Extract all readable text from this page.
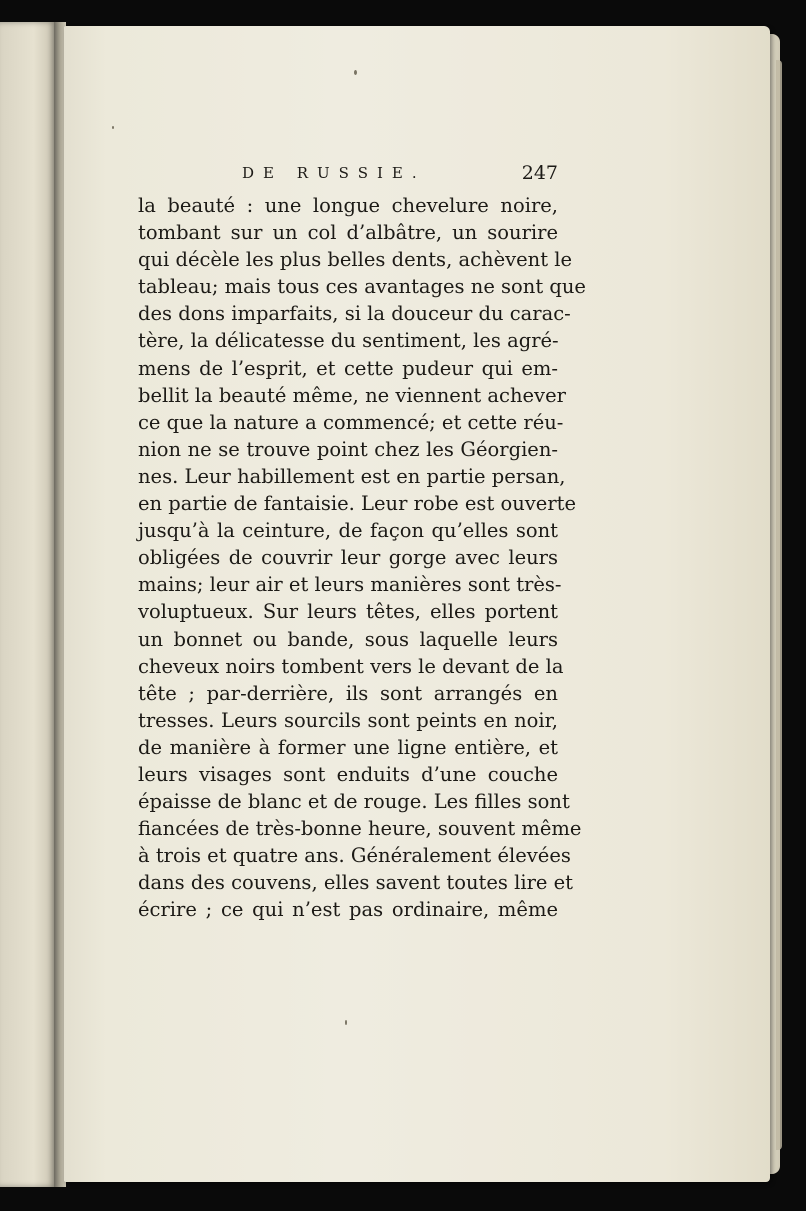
DE RUSSIE.	247
la beauté : une longue chevelure noire,
tombant sur un col d’albâtre, un sourire
qui décèle les plus belles dents, achèvent le
tableau; mais tous ces avantages ne sont que
des dons imparfaits, si la douceur du carac-
tère, la délicatesse du sentiment, les agré-
mens de l’esprit, et cette pudeur qui em-
bellit la beauté même, ne viennent achever
ce que la nature a commencé; et cette réu-
nion ne se trouve point chez les Géorgien-
nes. Leur habillement est en partie persan,
en partie de fantaisie. Leur robe est ouverte
jusqu’à la ceinture, de façon qu’elles sont
obligées de couvrir leur gorge avec leurs
mains; leur air et leurs manières sont très-
voluptueux. Sur leurs têtes, elles portent
un bonnet ou bande, sous laquelle leurs
cheveux noirs tombent vers le devant de la
tête ; par-derrière, ils sont arrangés en
tresses. Leurs sourcils sont peints en noir,
de manière à former une ligne entière, et
leurs visages sont enduits d’une couche
épaisse de blanc et de rouge. Les filles sont
fiancées de très-bonne heure, souvent même
à trois et quatre ans. Généralement élevées
dans des couvens, elles savent toutes lire et
écrire ; ce qui n’est pas ordinaire, même
